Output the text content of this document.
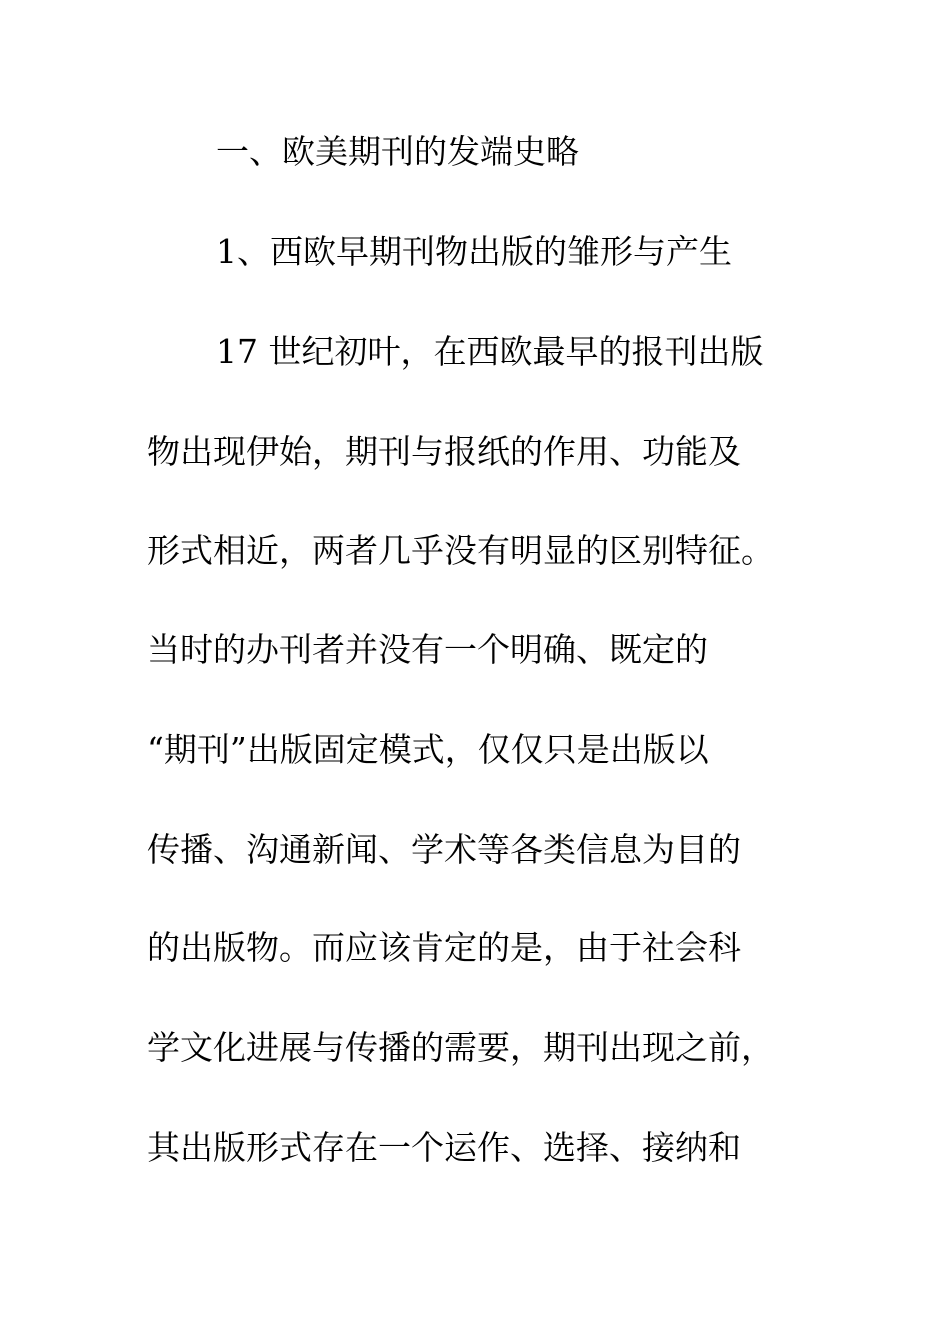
一、欧美期刊的发端史略
1、西欧早期刊物出版的雏形与产生
17 世纪初叶，在西欧最早的报刊出版
物出现伊始，期刊与报纸的作用、功能及
形式相近，两者几乎没有明显的区别特征。
当时的办刊者并没有一个明确、既定的
“期刊”出版固定模式，仅仅只是出版以
传播、沟通新闻、学术等各类信息为目的
的出版物。而应该肯定的是，由于社会科
学文化进展与传播的需要，期刊出现之前，
其出版形式存在一个运作、选择、接纳和
